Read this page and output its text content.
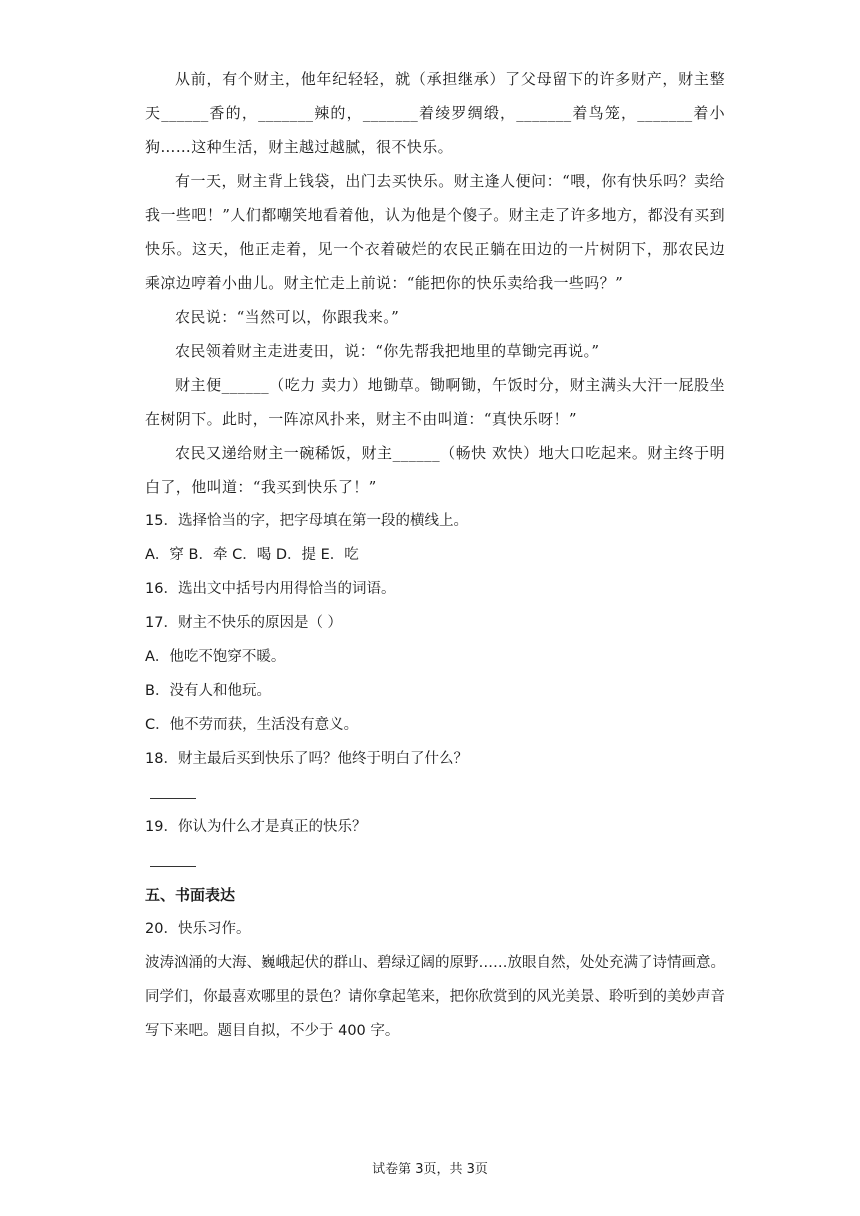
从前，有个财主，他年纪轻轻，就（承担继承）了父母留下的许多财产，财主整天______香的，_______辣的，_______着绫罗绸缎，_______着鸟笼，_______着小狗……这种生活，财主越过越腻，很不快乐。

有一天，财主背上钱袋，出门去买快乐。财主逢人便问：“喂，你有快乐吗？卖给我一些吧！”人们都嘲笑地看着他，认为他是个傻子。财主走了许多地方，都没有买到快乐。这天，他正走着，见一个衣着破烂的农民正躺在田边的一片树阴下，那农民边乘凉边哼着小曲儿。财主忙走上前说：“能把你的快乐卖给我一些吗？”

农民说：“当然可以，你跟我来。”

农民领着财主走进麦田，说：“你先帮我把地里的草锄完再说。”

财主便______（吃力 卖力）地锄草。锄啊锄，午饭时分，财主满头大汗一屁股坐在树阴下。此时，一阵凉风扑来，财主不由叫道：“真快乐呀！”

农民又递给财主一碗稀饭，财主______（畅快 欢快）地大口吃起来。财主终于明白了，他叫道：“我买到快乐了！”

15．选择恰当的字，把字母填在第一段的横线上。

A．穿 B．牵 C．喝 D．提 E．吃

16．选出文中括号内用得恰当的词语。

17．财主不快乐的原因是（ ）

A．他吃不饱穿不暖。

B．没有人和他玩。

C．他不劳而获，生活没有意义。

18．财主最后买到快乐了吗？他终于明白了什么？

19．你认为什么才是真正的快乐？

五、书面表达

20．快乐习作。

波涛汹涌的大海、巍峨起伏的群山、碧绿辽阔的原野……放眼自然，处处充满了诗情画意。同学们，你最喜欢哪里的景色？请你拿起笔来，把你欣赏到的风光美景、聆听到的美妙声音写下来吧。题目自拟，不少于 400 字。

试卷第 3页，共 3页
